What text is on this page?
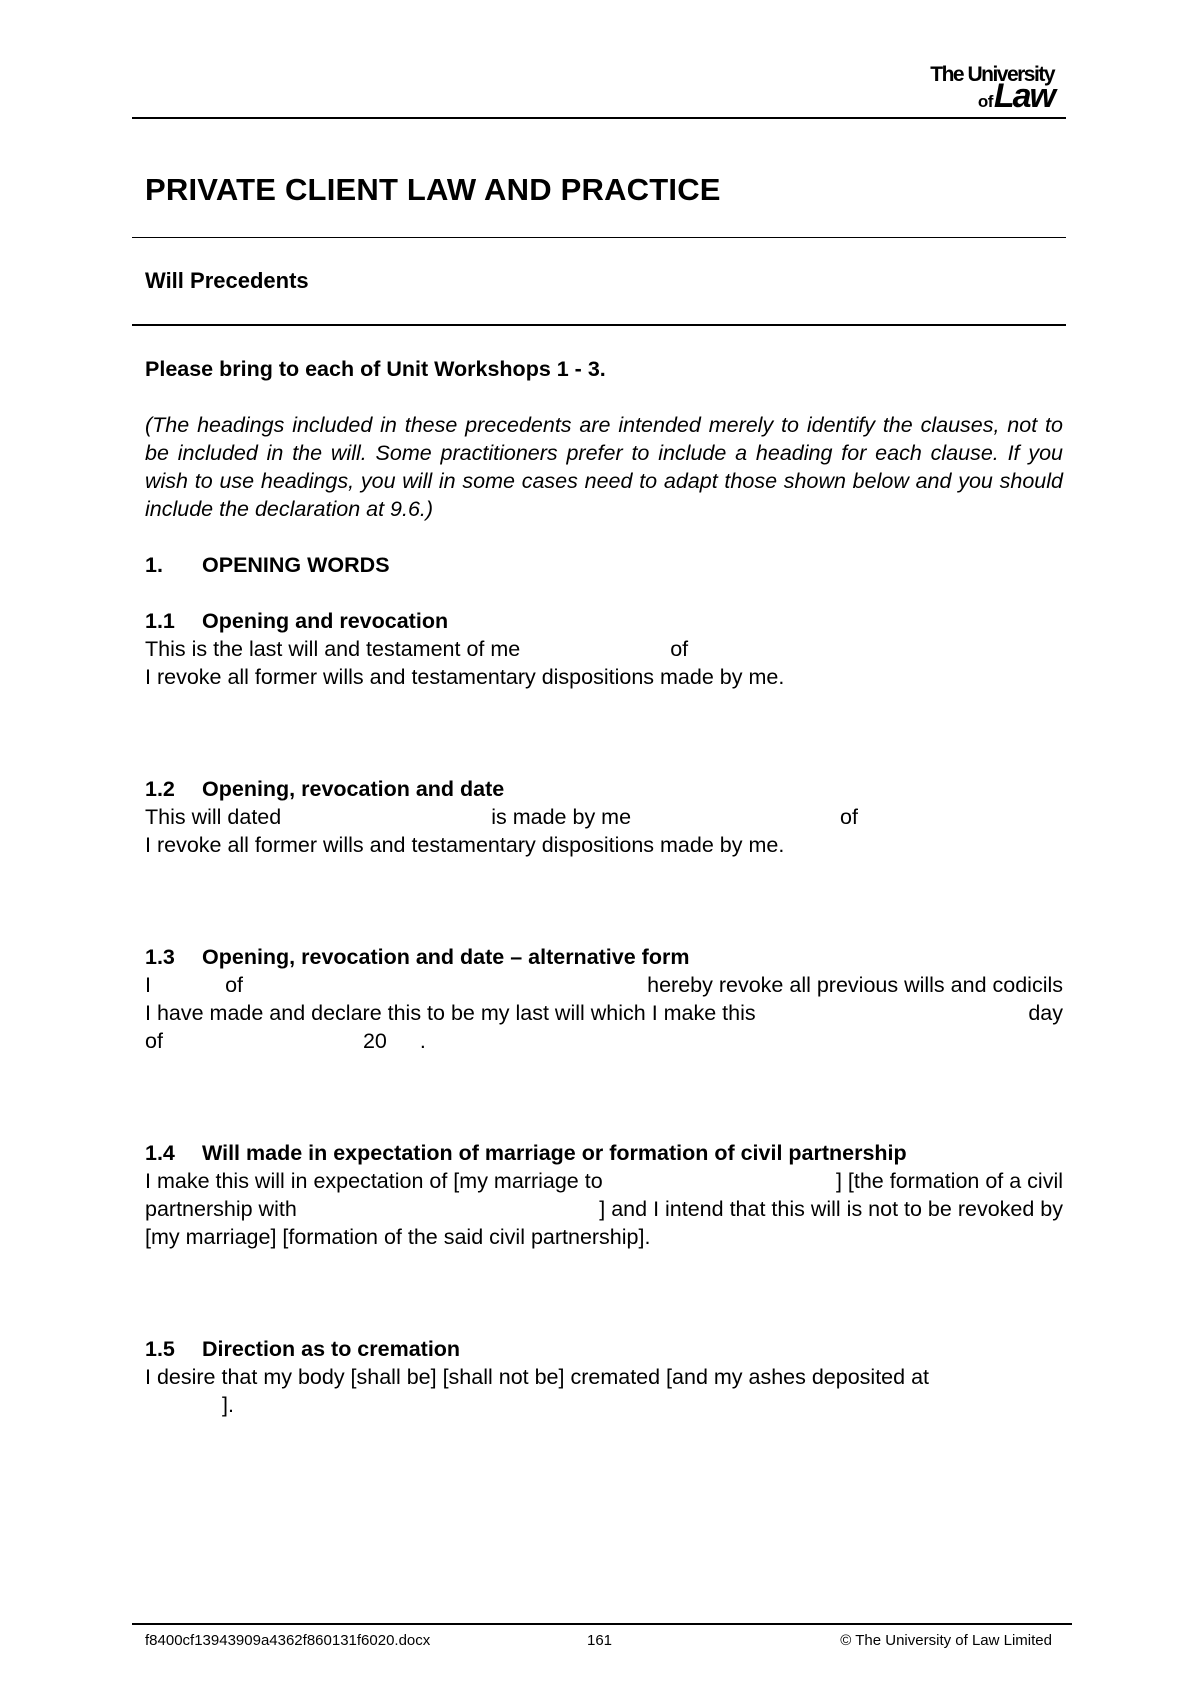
The University
of Law
PRIVATE CLIENT LAW AND PRACTICE
Will Precedents

Please bring to each of Unit Workshops 1 - 3.

(The headings included in these precedents are intended merely to identify the clauses, not to be included in the will. Some practitioners prefer to include a heading for each clause. If you wish to use headings, you will in some cases need to adapt those shown below and you should include the declaration at 9.6.)

1.	OPENING WORDS
1.1	Opening and revocation
This is the last will and testament of me	of
I revoke all former wills and testamentary dispositions made by me.
1.2	Opening, revocation and date
This will dated	is made by me	of
I revoke all former wills and testamentary dispositions made by me.
1.3	Opening, revocation and date – alternative form
I	of	hereby revoke all previous wills and codicils
I have made and declare this to be my last will which I make this	day
of	20 .
1.4	Will made in expectation of marriage or formation of civil partnership
I make this will in expectation of [my marriage to	] [the formation of a civil
partnership with	] and I intend that this will is not to be revoked by
[my marriage] [formation of the said civil partnership].
1.5	Direction as to cremation
I desire that my body [shall be] [shall not be] cremated [and my ashes deposited at
].
f8400cf13943909a4362f860131f6020.docx	161	© The University of Law Limited
